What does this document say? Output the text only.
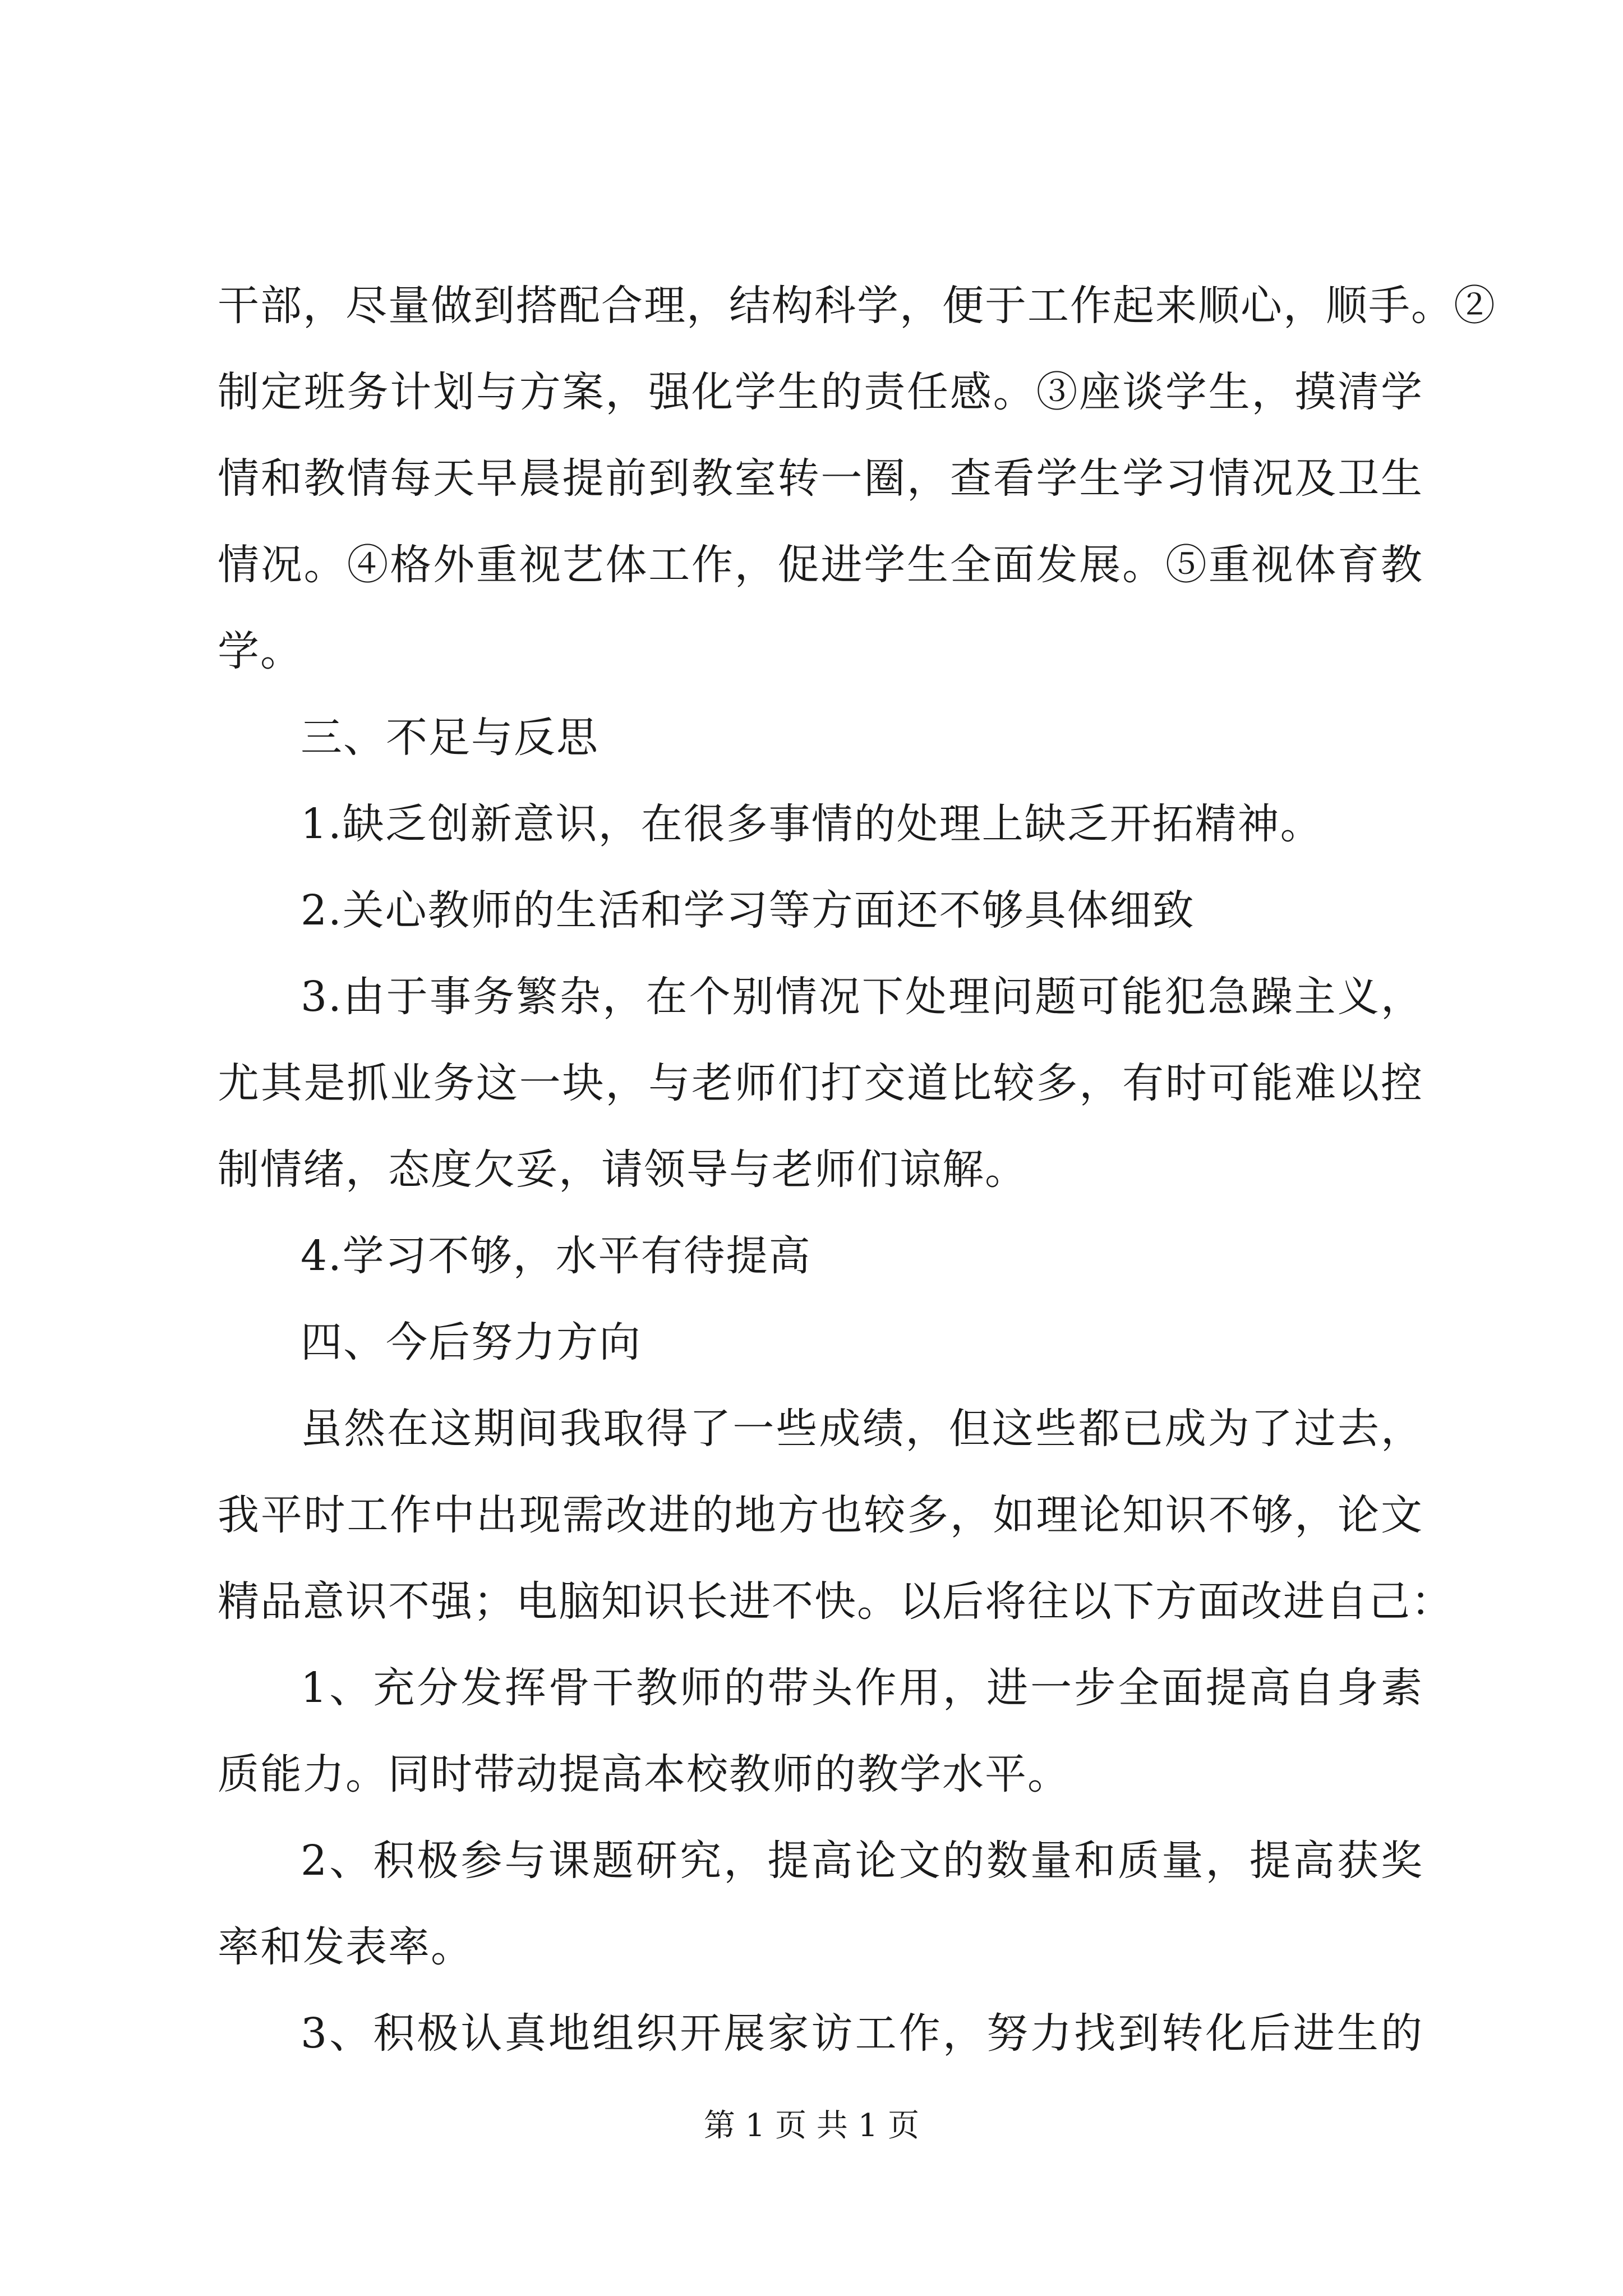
干部，尽量做到搭配合理，结构科学，便于工作起来顺心，顺手。②
制定班务计划与方案，强化学生的责任感。③座谈学生，摸清学
情和教情每天早晨提前到教室转一圈，查看学生学习情况及卫生
情况。④格外重视艺体工作，促进学生全面发展。⑤重视体育教
学。
三、不足与反思
1.缺乏创新意识，在很多事情的处理上缺乏开拓精神。
2.关心教师的生活和学习等方面还不够具体细致
3.由于事务繁杂，在个别情况下处理问题可能犯急躁主义，
尤其是抓业务这一块，与老师们打交道比较多，有时可能难以控
制情绪，态度欠妥，请领导与老师们谅解。
4.学习不够，水平有待提高
四、今后努力方向
虽然在这期间我取得了一些成绩，但这些都已成为了过去，
我平时工作中出现需改进的地方也较多，如理论知识不够，论文
精品意识不强；电脑知识长进不快。以后将往以下方面改进自己：
1、充分发挥骨干教师的带头作用，进一步全面提高自身素
质能力。同时带动提高本校教师的教学水平。
2、积极参与课题研究，提高论文的数量和质量，提高获奖
率和发表率。
3、积极认真地组织开展家访工作，努力找到转化后进生的
第 1 页 共 1 页
